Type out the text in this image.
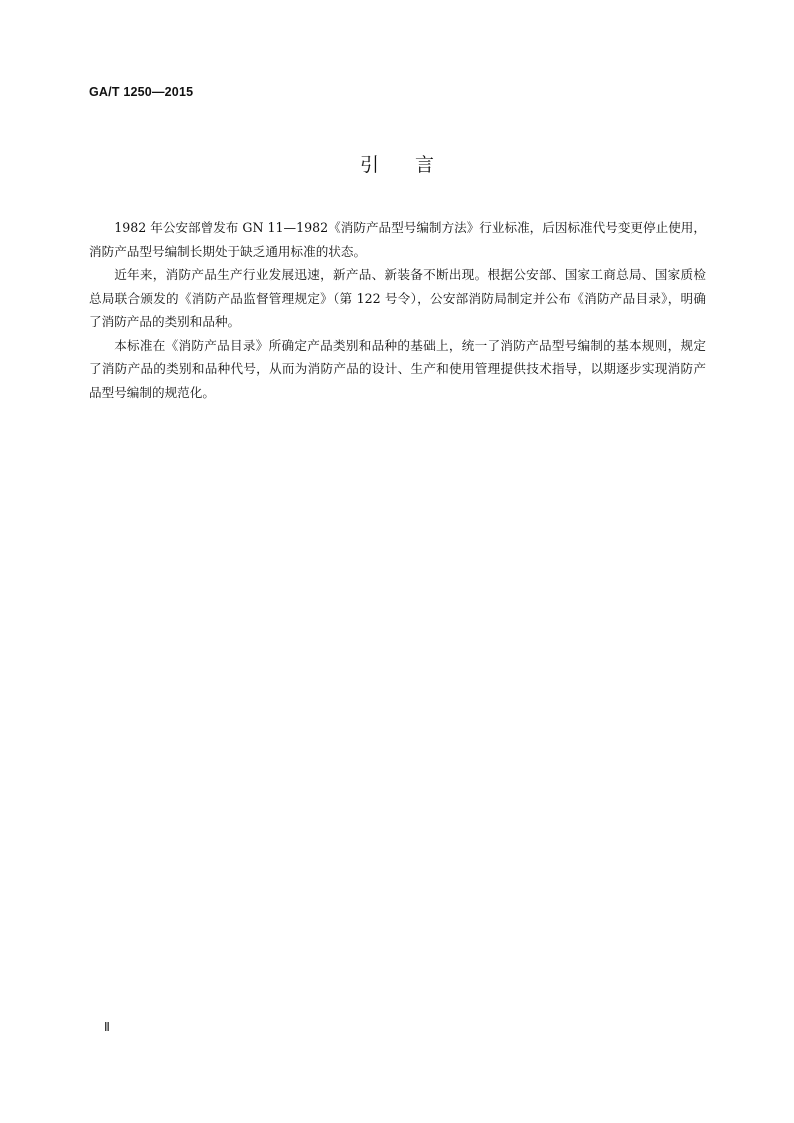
GA/T 1250—2015
引言

1982 年公安部曾发布 GN 11—1982《消防产品型号编制方法》行业标准，后因标准代号变更停止使用，消防产品型号编制长期处于缺乏通用标准的状态。

近年来，消防产品生产行业发展迅速，新产品、新装备不断出现。根据公安部、国家工商总局、国家质检总局联合颁发的《消防产品监督管理规定》（第 122 号令），公安部消防局制定并公布《消防产品目录》，明确了消防产品的类别和品种。

本标准在《消防产品目录》所确定产品类别和品种的基础上，统一了消防产品型号编制的基本规则，规定了消防产品的类别和品种代号，从而为消防产品的设计、生产和使用管理提供技术指导，以期逐步实现消防产品型号编制的规范化。

Ⅱ
